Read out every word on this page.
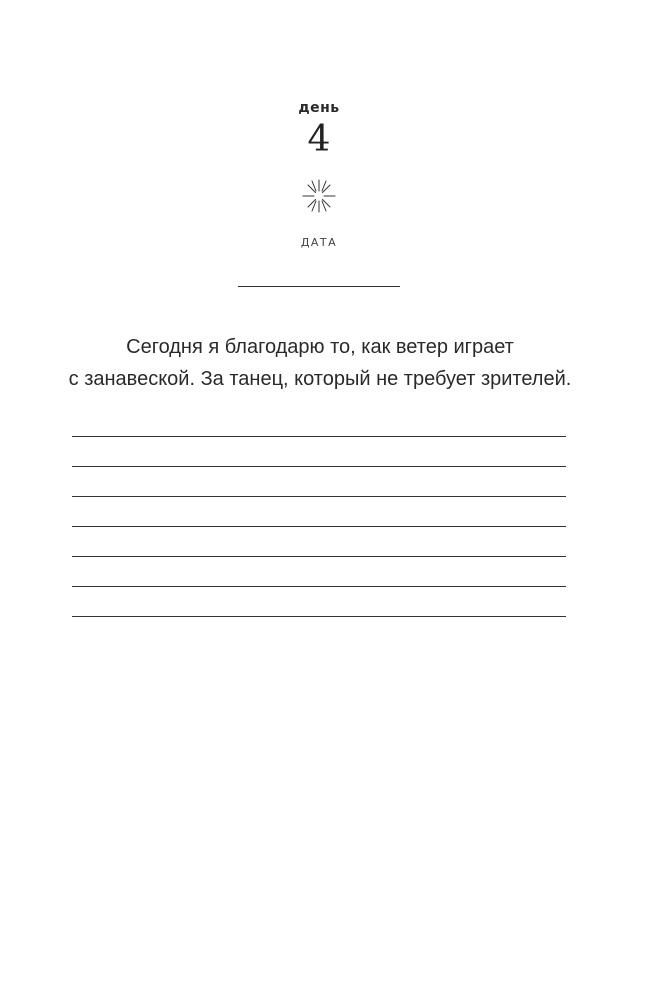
день
4
ДАТА
Сегодня я благодарю то, как ветер играет
с занавеской. За танец, который не требует зрителей.
